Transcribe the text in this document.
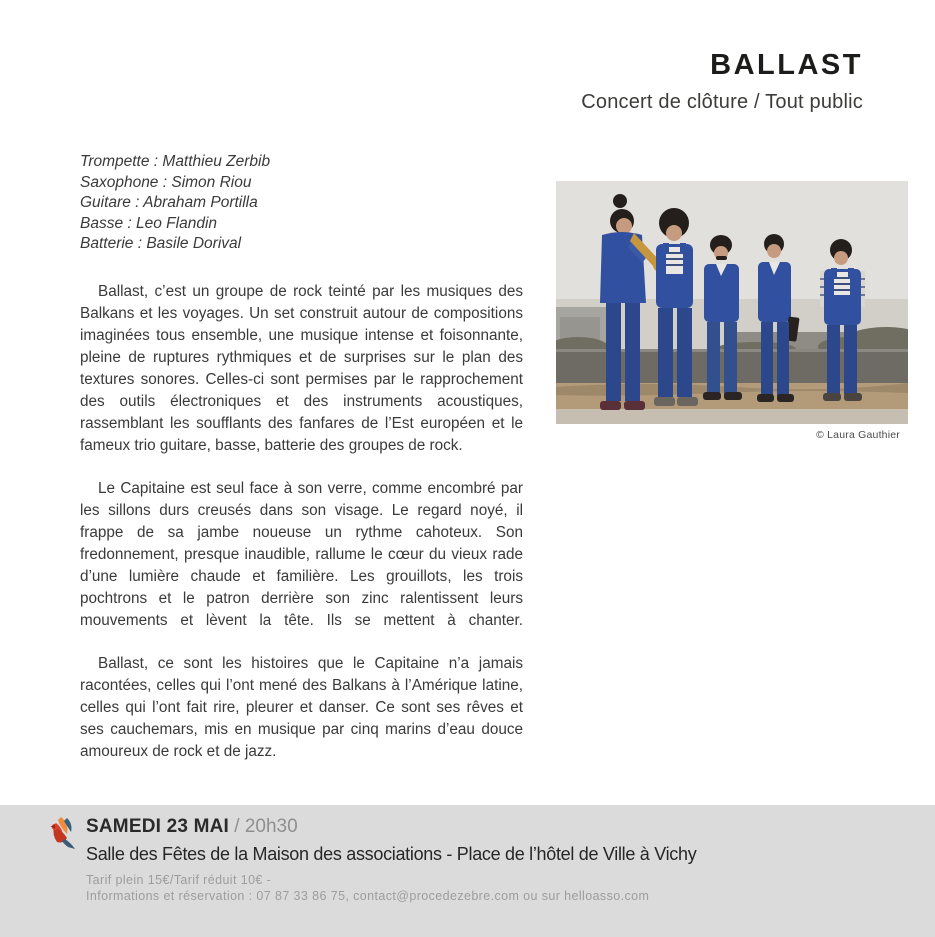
BALLAST
Concert de clôture / Tout public
Trompette : Matthieu Zerbib
Saxophone : Simon Riou
Guitare : Abraham Portilla
Basse : Leo Flandin
Batterie : Basile Dorival

Ballast, c’est un groupe de rock teinté par les musiques des Balkans et les voyages. Un set construit autour de compositions imaginées tous ensemble, une musique intense et foisonnante, pleine de ruptures rythmiques et de surprises sur le plan des textures sonores. Celles-ci sont permises par le rapprochement des outils électroniques et des instruments acoustiques, rassemblant les soufflants des fanfares de l’Est européen et le fameux trio guitare, basse, batterie des groupes de rock.

Le Capitaine est seul face à son verre, comme encombré par les sillons durs creusés dans son visage. Le regard noyé, il frappe de sa jambe noueuse un rythme cahoteux. Son fredonnement, presque inaudible, rallume le cœur du vieux rade d’une lumière chaude et familière. Les grouillots, les trois pochtrons et le patron derrière son zinc ralentissent leurs mouvements et lèvent la tête. Ils se mettent à chanter.

Ballast, ce sont les histoires que le Capitaine n’a jamais racontées, celles qui l’ont mené des Balkans à l’Amérique latine, celles qui l’ont fait rire, pleurer et danser. Ce sont ses rêves et ses cauchemars, mis en musique par cinq marins d’eau douce amoureux de rock et de jazz.

© Laura Gauthier
SAMEDI 23 MAI / 20h30
Salle des Fêtes de la Maison des associations - Place de l’hôtel de Ville à Vichy
Tarif plein 15€/Tarif réduit 10€ -
Informations et réservation : 07 87 33 86 75, contact@procedezebre.com ou sur helloasso.com
